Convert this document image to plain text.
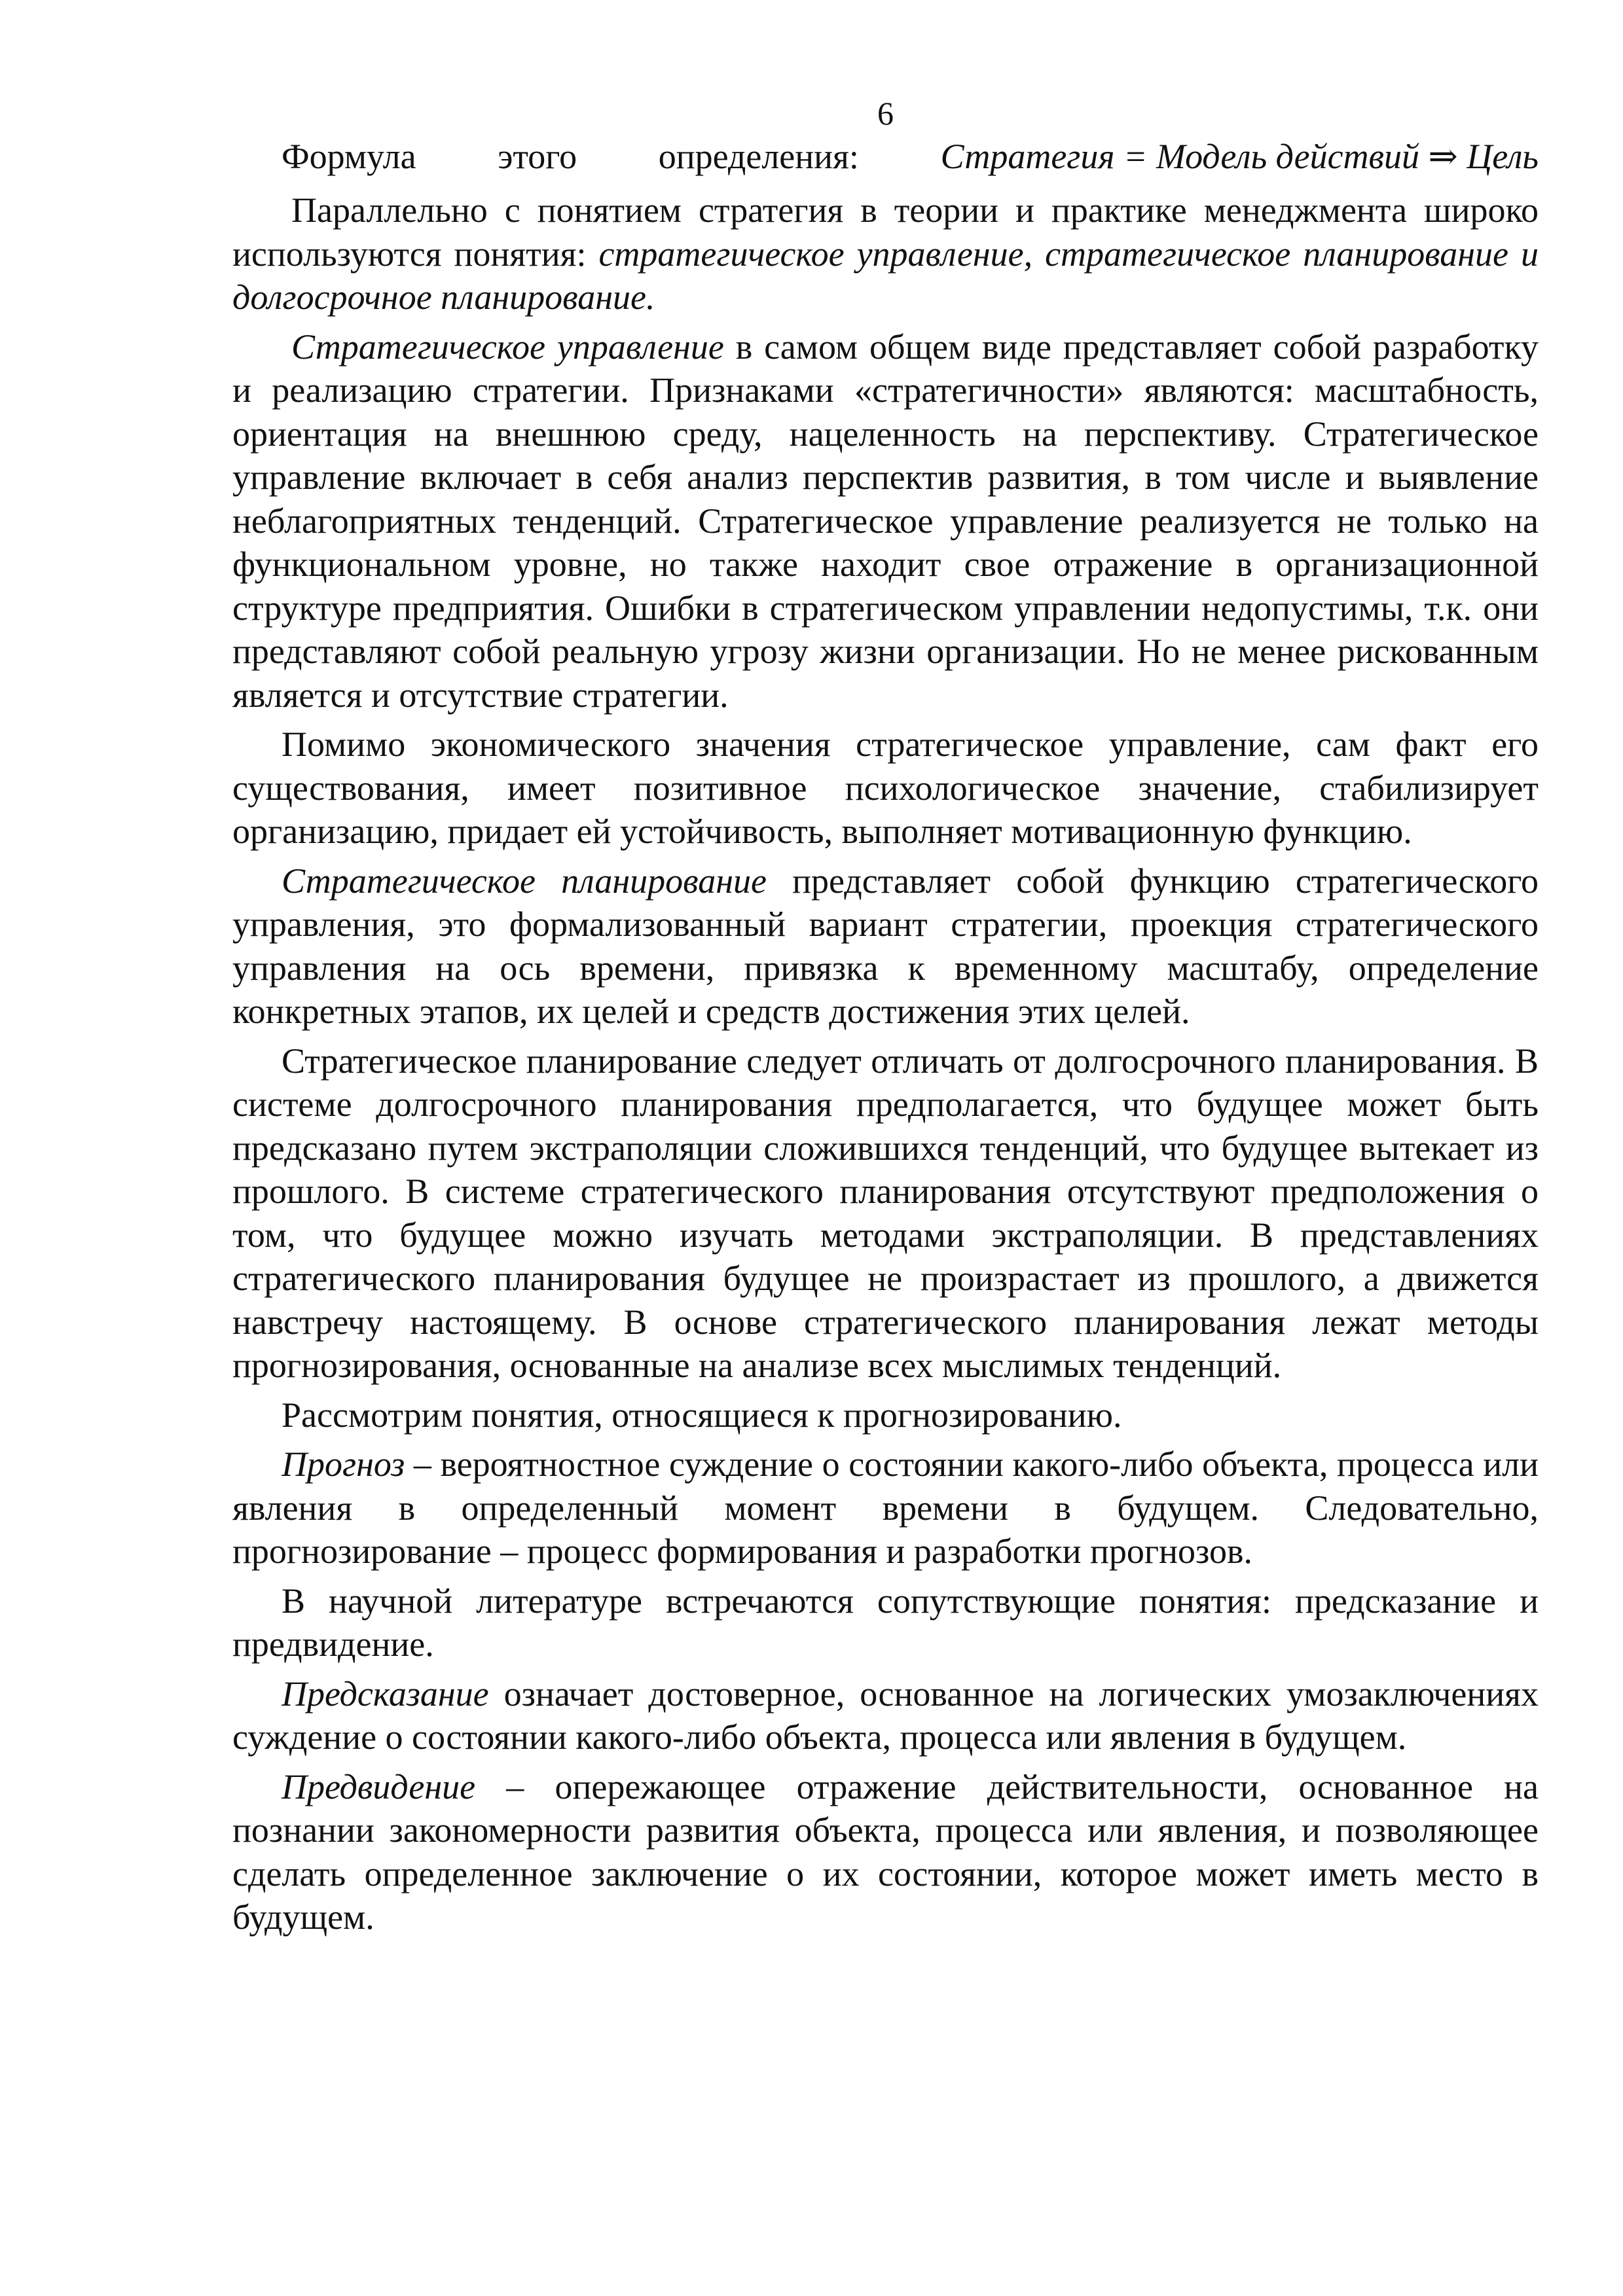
6
Формула этого определения: Стратегия = Модель действий ⇒ Цель

Параллельно с понятием стратегия в теории и практике менеджмента широко используются понятия: стратегическое управление, стратегическое планирование и долгосрочное планирование.

Стратегическое управление в самом общем виде представляет собой разработку и реализацию стратегии. Признаками «стратегичности» являются: масштабность, ориентация на внешнюю среду, нацеленность на перспективу. Стратегическое управление включает в себя анализ перспектив развития, в том числе и выявление неблагоприятных тенденций. Стратегическое управление реализуется не только на функциональном уровне, но также находит свое отражение в организационной структуре предприятия. Ошибки в стратегическом управлении недопустимы, т.к. они представляют собой реальную угрозу жизни организации. Но не менее рискованным является и отсутствие стратегии.

Помимо экономического значения стратегическое управление, сам факт его существования, имеет позитивное психологическое значение, стабилизирует организацию, придает ей устойчивость, выполняет мотивационную функцию.

Стратегическое планирование представляет собой функцию стратегического управления, это формализованный вариант стратегии, проекция стратегического управления на ось времени, привязка к временному масштабу, определение конкретных этапов, их целей и средств достижения этих целей.

Стратегическое планирование следует отличать от долгосрочного планирования. В системе долгосрочного планирования предполагается, что будущее может быть предсказано путем экстраполяции сложившихся тенденций, что будущее вытекает из прошлого. В системе стратегического планирования отсутствуют предположения о том, что будущее можно изучать методами экстраполяции. В представлениях стратегического планирования будущее не произрастает из прошлого, а движется навстречу настоящему. В основе стратегического планирования лежат методы прогнозирования, основанные на анализе всех мыслимых тенденций.

Рассмотрим понятия, относящиеся к прогнозированию.

Прогноз – вероятностное суждение о состоянии какого-либо объекта, процесса или явления в определенный момент времени в будущем. Следовательно, прогнозирование – процесс формирования и разработки прогнозов.

В научной литературе встречаются сопутствующие понятия: предсказание и предвидение.

Предсказание означает достоверное, основанное на логических умозаключениях суждение о состоянии какого-либо объекта, процесса или явления в будущем.

Предвидение – опережающее отражение действительности, основанное на познании закономерности развития объекта, процесса или явления, и позволяющее сделать определенное заключение о их состоянии, которое может иметь место в будущем.
